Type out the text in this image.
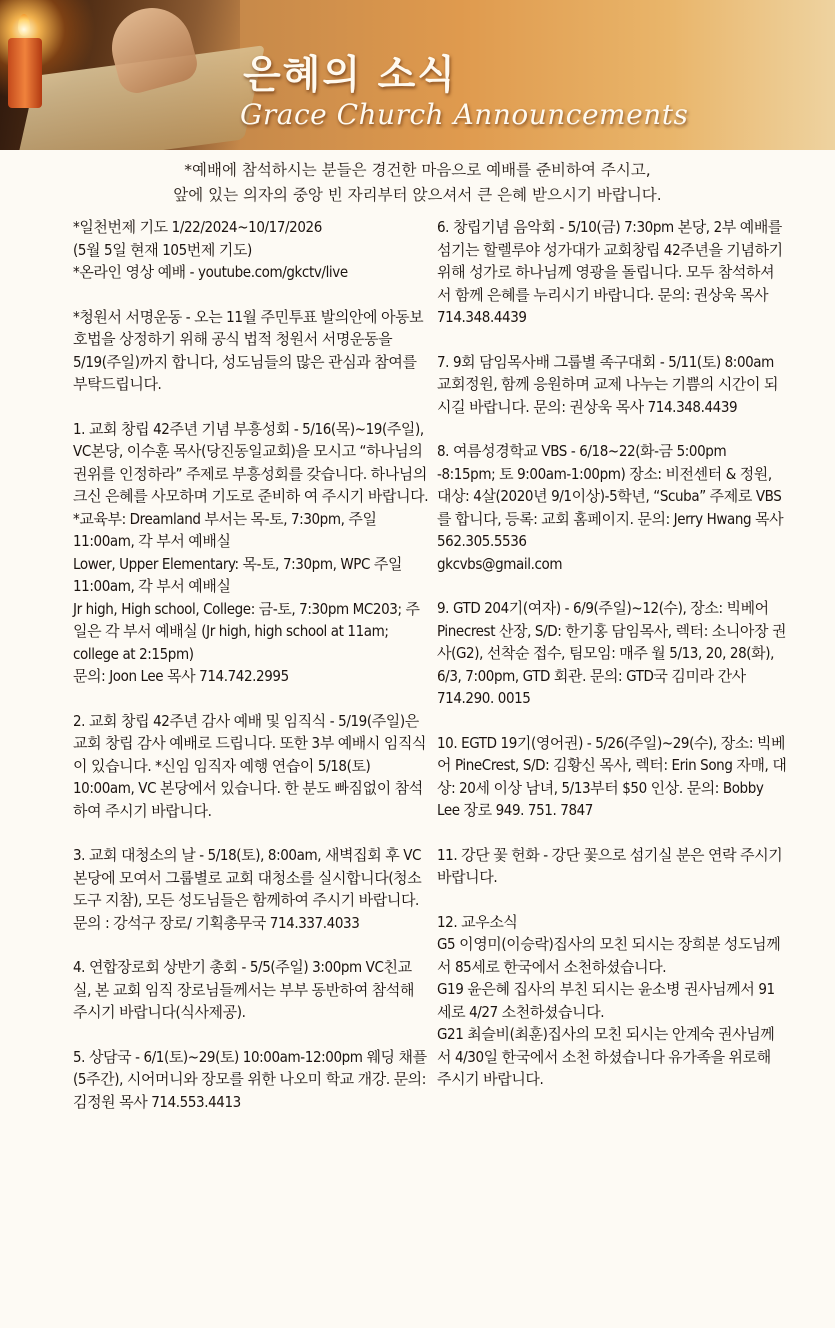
은혜의 소식
Grace Church Announcements
*예배에 참석하시는 분들은 경건한 마음으로 예배를 준비하여 주시고,
앞에 있는 의자의 중앙 빈 자리부터 앉으셔서 큰 은혜 받으시기 바랍니다.

*일천번제 기도 1/22/2024~10/17/2026
(5월 5일 현재 105번제 기도)
*온라인 영상 예배 - youtube.com/gkctv/live

*청원서 서명운동 - 오는 11월 주민투표 발의안에 아동보호법을 상정하기 위해 공식 법적 청원서 서명운동을 5/19(주일)까지 합니다, 성도님들의 많은 관심과 참여를 부탁드립니다.

1. 교회 창립 42주년 기념 부흥성회 - 5/16(목)~19(주일), VC본당, 이수훈 목사(당진동일교회)을 모시고 “하나님의 권위를 인정하라” 주제로 부흥성회를 갖습니다. 하나님의 크신 은혜를 사모하며 기도로 준비하 여 주시기 바랍니다.
*교육부: Dreamland 부서는 목-토, 7:30pm, 주일 11:00am, 각 부서 예배실
Lower, Upper Elementary: 목-토, 7:30pm, WPC 주일 11:00am, 각 부서 예배실
Jr high, High school, College: 금-토, 7:30pm MC203; 주일은 각 부서 예배실 (Jr high, high school at 11am; college at 2:15pm)
문의: Joon Lee 목사 714.742.2995

2. 교회 창립 42주년 감사 예배 및 임직식 - 5/19(주일)은 교회 창립 감사 예배로 드립니다. 또한 3부 예배시 임직식이 있습니다. *신임 임직자 예행 연습이 5/18(토) 10:00am, VC 본당에서 있습니다. 한 분도 빠짐없이 참석하여 주시기 바랍니다.

3. 교회 대청소의 날 - 5/18(토), 8:00am, 새벽집회 후 VC 본당에 모여서 그룹별로 교회 대청소를 실시합니다(청소도구 지참), 모든 성도님들은 함께하여 주시기 바랍니다.
문의 : 강석구 장로/ 기획총무국 714.337.4033

4. 연합장로회 상반기 총회 - 5/5(주일) 3:00pm VC친교실, 본 교회 임직 장로님들께서는 부부 동반하여 참석해 주시기 바랍니다(식사제공).

5. 상담국 - 6/1(토)~29(토) 10:00am-12:00pm 웨딩 채플(5주간), 시어머니와 장모를 위한 나오미 학교 개강. 문의: 김정원 목사 714.553.4413

6. 창립기념 음악회 - 5/10(금) 7:30pm 본당, 2부 예배를 섬기는 할렐루야 성가대가 교회창립 42주년을 기념하기 위해 성가로 하나님께 영광을 돌립니다. 모두 참석하셔서 함께 은혜를 누리시기 바랍니다. 문의: 권상욱 목사 714.348.4439

7. 9회 담임목사배 그룹별 족구대회 - 5/11(토) 8:00am 교회정원, 함께 응원하며 교제 나누는 기쁨의 시간이 되시길 바랍니다. 문의: 권상욱 목사 714.348.4439

8. 여름성경학교 VBS - 6/18~22(화-금 5:00pm -8:15pm; 토 9:00am-1:00pm) 장소: 비전센터 & 정원, 대상: 4살(2020년 9/1이상)-5학년, “Scuba” 주제로 VBS를 합니다, 등록: 교회 홈페이지. 문의: Jerry Hwang 목사 562.305.5536
gkcvbs@gmail.com

9. GTD 204기(여자) - 6/9(주일)~12(수), 장소: 빅베어 Pinecrest 산장, S/D: 한기홍 담임목사, 렉터: 소니아장 권사(G2), 선착순 접수, 팀모임: 매주 월 5/13, 20, 28(화), 6/3, 7:00pm, GTD 회관. 문의: GTD국 김미라 간사 714.290. 0015

10. EGTD 19기(영어권) - 5/26(주일)~29(수), 장소: 빅베어 PineCrest, S/D: 김황신 목사, 렉터: Erin Song 자매, 대상: 20세 이상 남녀, 5/13부터 $50 인상. 문의: Bobby Lee 장로 949. 751. 7847

11. 강단 꽃 헌화 - 강단 꽃으로 섬기실 분은 연락 주시기 바랍니다.

12. 교우소식
G5 이영미(이승락)집사의 모친 되시는 장희분 성도님께서 85세로 한국에서 소천하셨습니다.
G19 윤은혜 집사의 부친 되시는 윤소병 권사님께서 91세로 4/27 소천하셨습니다.
G21 최슬비(최훈)집사의 모친 되시는 안계숙 권사님께서 4/30일 한국에서 소천 하셨습니다 유가족을 위로해 주시기 바랍니다.
